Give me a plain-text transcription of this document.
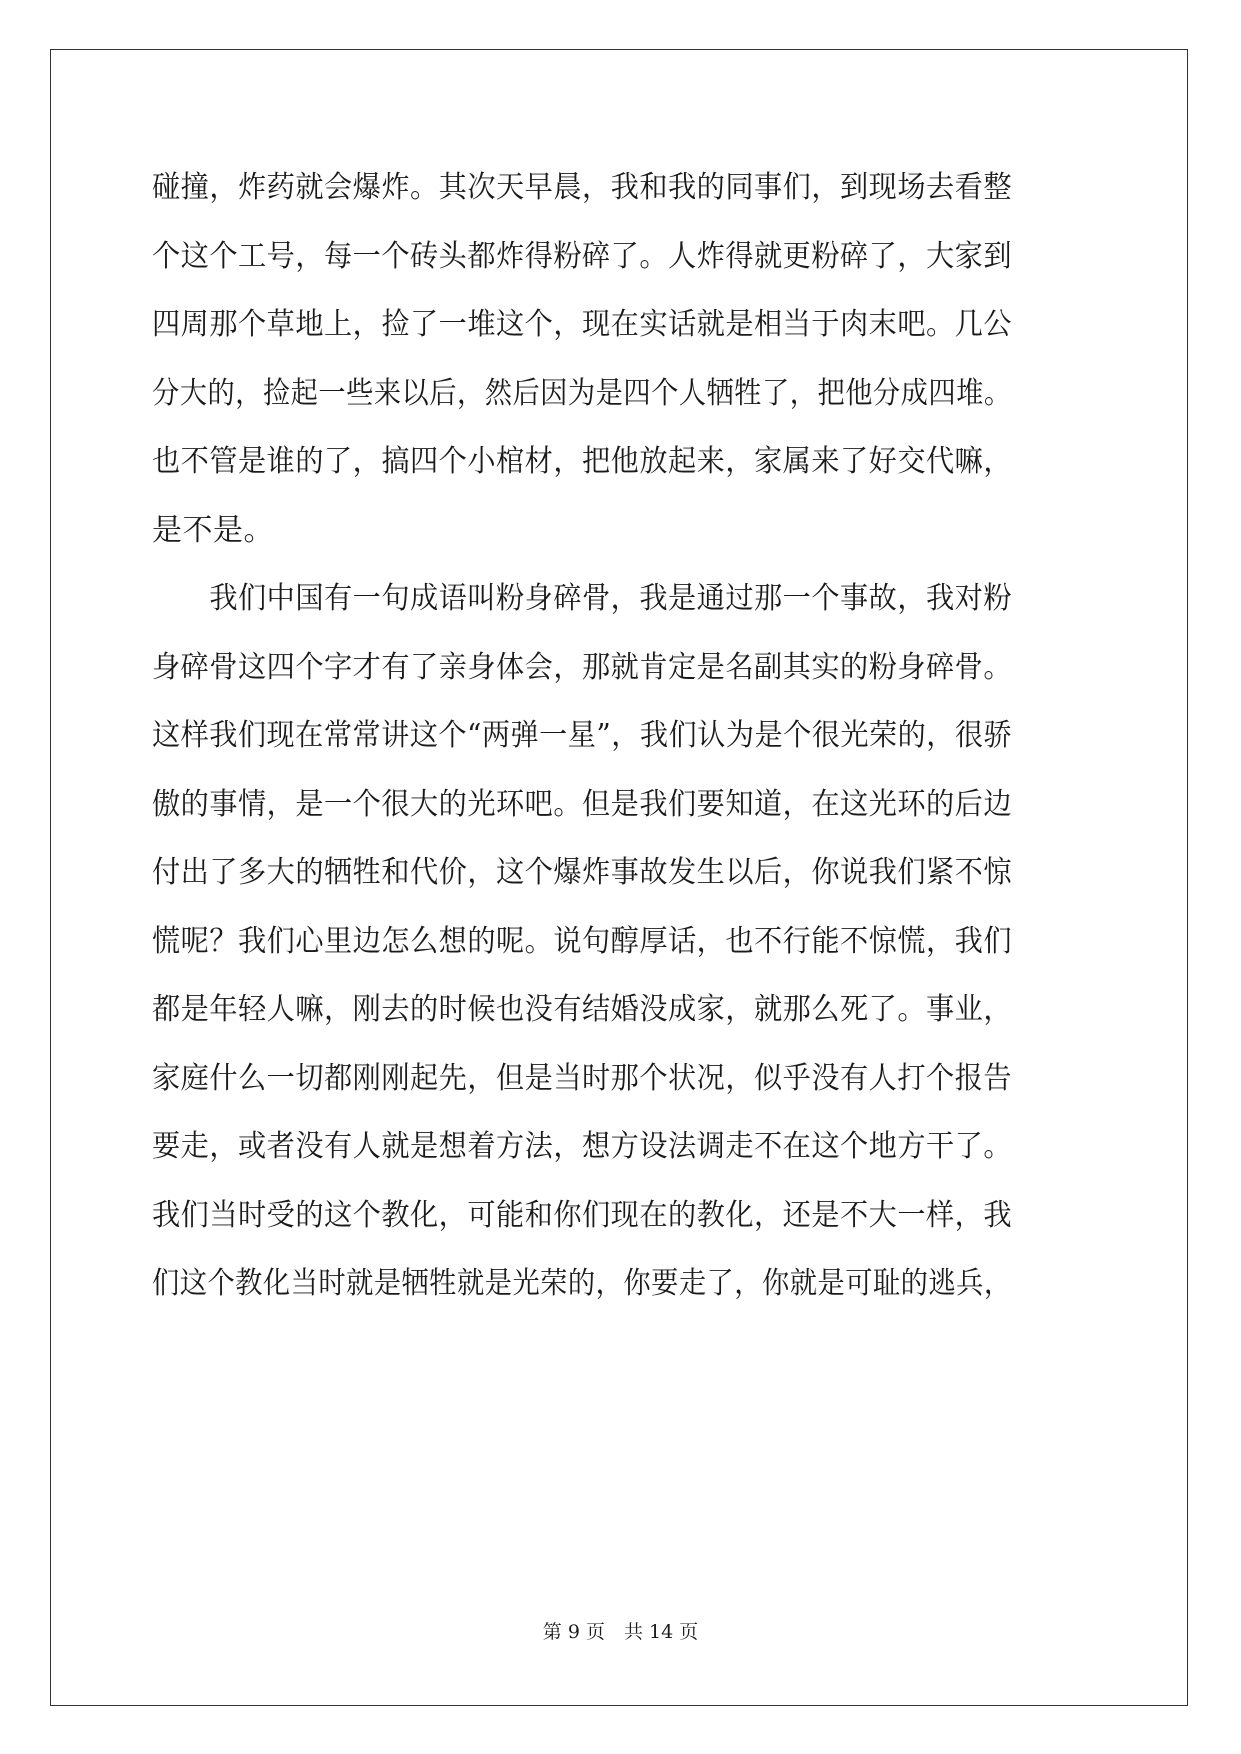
碰撞，炸药就会爆炸。其次天早晨，我和我的同事们，到现场去看整
个这个工号，每一个砖头都炸得粉碎了。人炸得就更粉碎了，大家到
四周那个草地上，捡了一堆这个，现在实话就是相当于肉末吧。几公
分大的，捡起一些来以后，然后因为是四个人牺牲了，把他分成四堆。
也不管是谁的了，搞四个小棺材，把他放起来，家属来了好交代嘛，
是不是。
　　我们中国有一句成语叫粉身碎骨，我是通过那一个事故，我对粉
身碎骨这四个字才有了亲身体会，那就肯定是名副其实的粉身碎骨。
这样我们现在常常讲这个“两弹一星”，我们认为是个很光荣的，很骄
傲的事情，是一个很大的光环吧。但是我们要知道，在这光环的后边
付出了多大的牺牲和代价，这个爆炸事故发生以后，你说我们紧不惊
慌呢？我们心里边怎么想的呢。说句醇厚话，也不行能不惊慌，我们
都是年轻人嘛，刚去的时候也没有结婚没成家，就那么死了。事业，
家庭什么一切都刚刚起先，但是当时那个状况，似乎没有人打个报告
要走，或者没有人就是想着方法，想方设法调走不在这个地方干了。
我们当时受的这个教化，可能和你们现在的教化，还是不大一样，我
们这个教化当时就是牺牲就是光荣的，你要走了，你就是可耻的逃兵，
第 9 页　共 14 页
